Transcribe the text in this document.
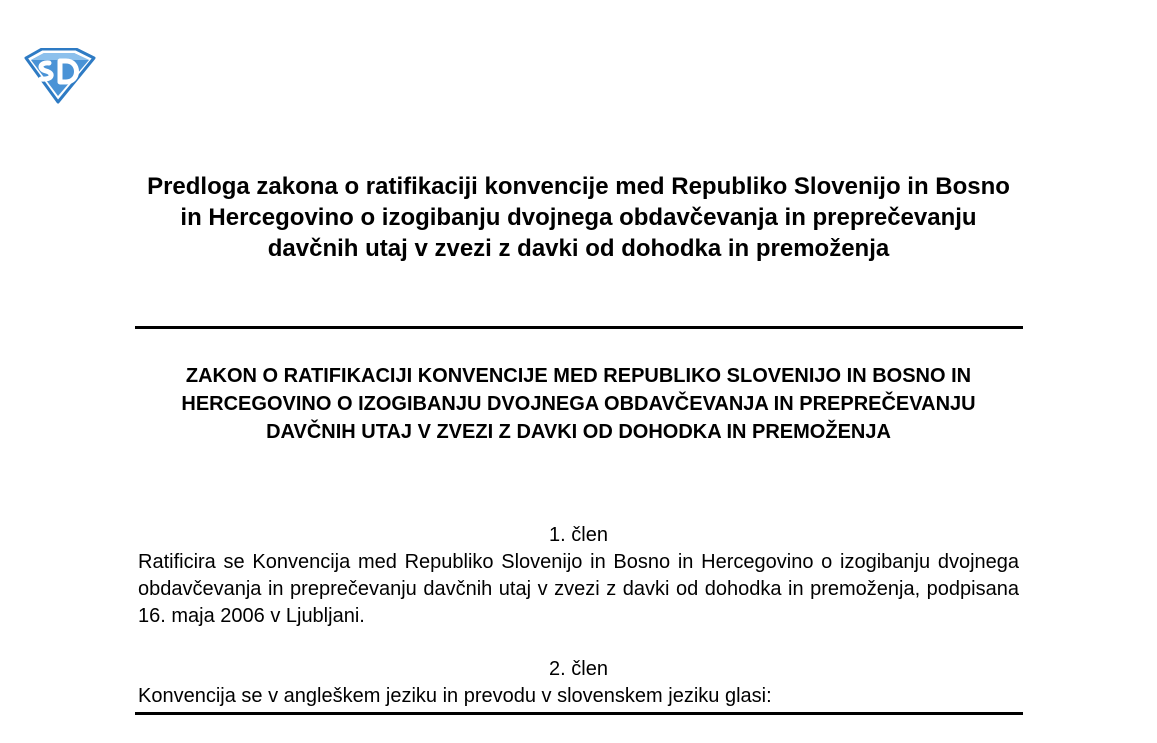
Predloga zakona o ratifikaciji konvencije med Republiko Slovenijo in Bosno in Hercegovino o izogibanju dvojnega obdavčevanja in preprečevanju davčnih utaj v zvezi z davki od dohodka in premoženja
ZAKON O RATIFIKACIJI KONVENCIJE MED REPUBLIKO SLOVENIJO IN BOSNO IN HERCEGOVINO O IZOGIBANJU DVOJNEGA OBDAVČEVANJA IN PREPREČEVANJU DAVČNIH UTAJ V ZVEZI Z DAVKI OD DOHODKA IN PREMOŽENJA

1. člen

Ratificira se Konvencija med Republiko Slovenijo in Bosno in Hercegovino o izogibanju dvojnega obdavčevanja in preprečevanju davčnih utaj v zvezi z davki od dohodka in premoženja, podpisana 16. maja 2006 v Ljubljani.

2. člen

Konvencija se v angleškem jeziku in prevodu v slovenskem jeziku glasi:
